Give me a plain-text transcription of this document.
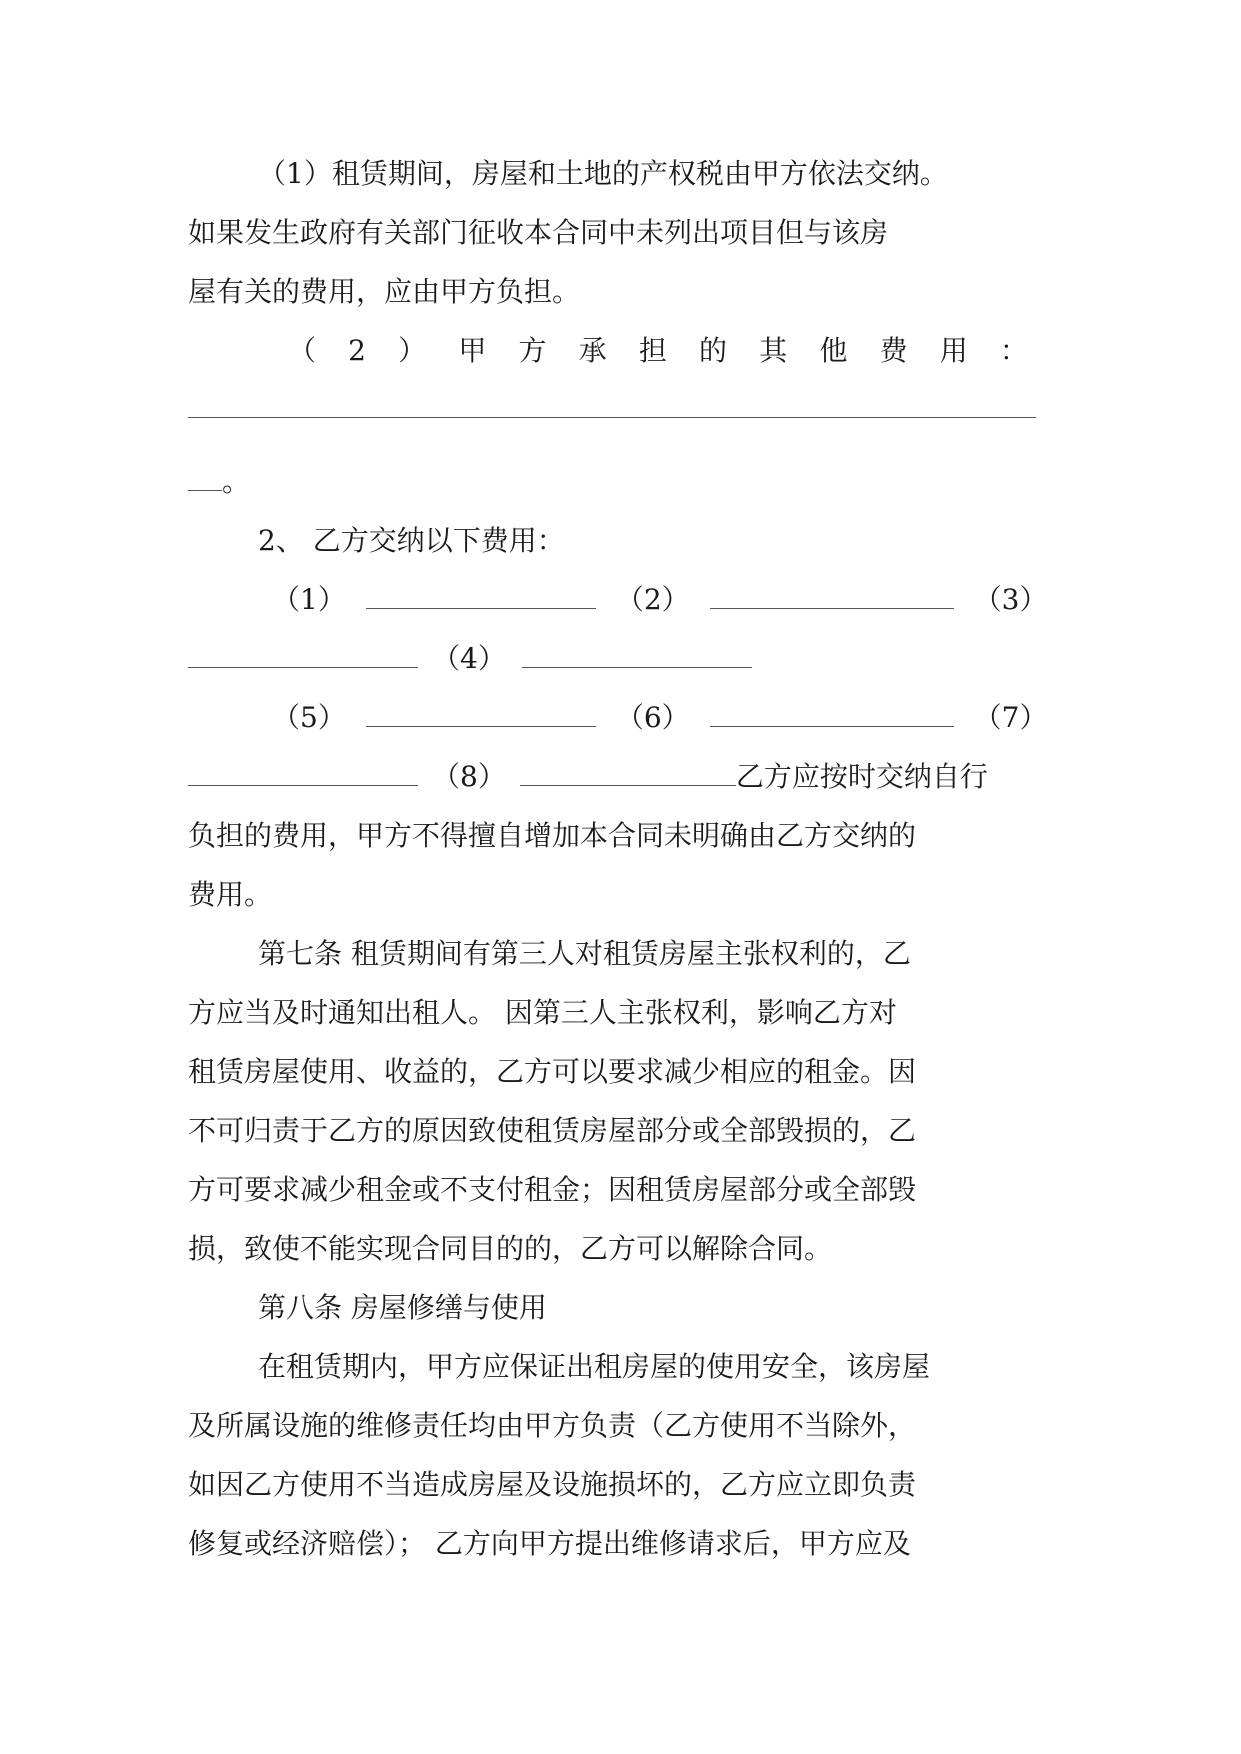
（1）租赁期间，房屋和土地的产权税由甲方依法交纳。
如果发生政府有关部门征收本合同中未列出项目但与该房
屋有关的费用，应由甲方负担。
（ 2 ） 甲 方 承 担 的 其 他 费 用 ：
。
2、 乙方交纳以下费用：
（1）	（2）	（3）
（4）
（5）	（6）	（7）
（8）	乙方应按时交纳自行
负担的费用，甲方不得擅自增加本合同未明确由乙方交纳的
费用。
第七条 租赁期间有第三人对租赁房屋主张权利的，乙
方应当及时通知出租人。 因第三人主张权利，影响乙方对
租赁房屋使用、收益的，乙方可以要求减少相应的租金。因
不可归责于乙方的原因致使租赁房屋部分或全部毁损的，乙
方可要求减少租金或不支付租金；因租赁房屋部分或全部毁
损，致使不能实现合同目的的，乙方可以解除合同。
第八条 房屋修缮与使用
在租赁期内，甲方应保证出租房屋的使用安全，该房屋
及所属设施的维修责任均由甲方负责（乙方使用不当除外，
如因乙方使用不当造成房屋及设施损坏的，乙方应立即负责
修复或经济赔偿）； 乙方向甲方提出维修请求后，甲方应及
